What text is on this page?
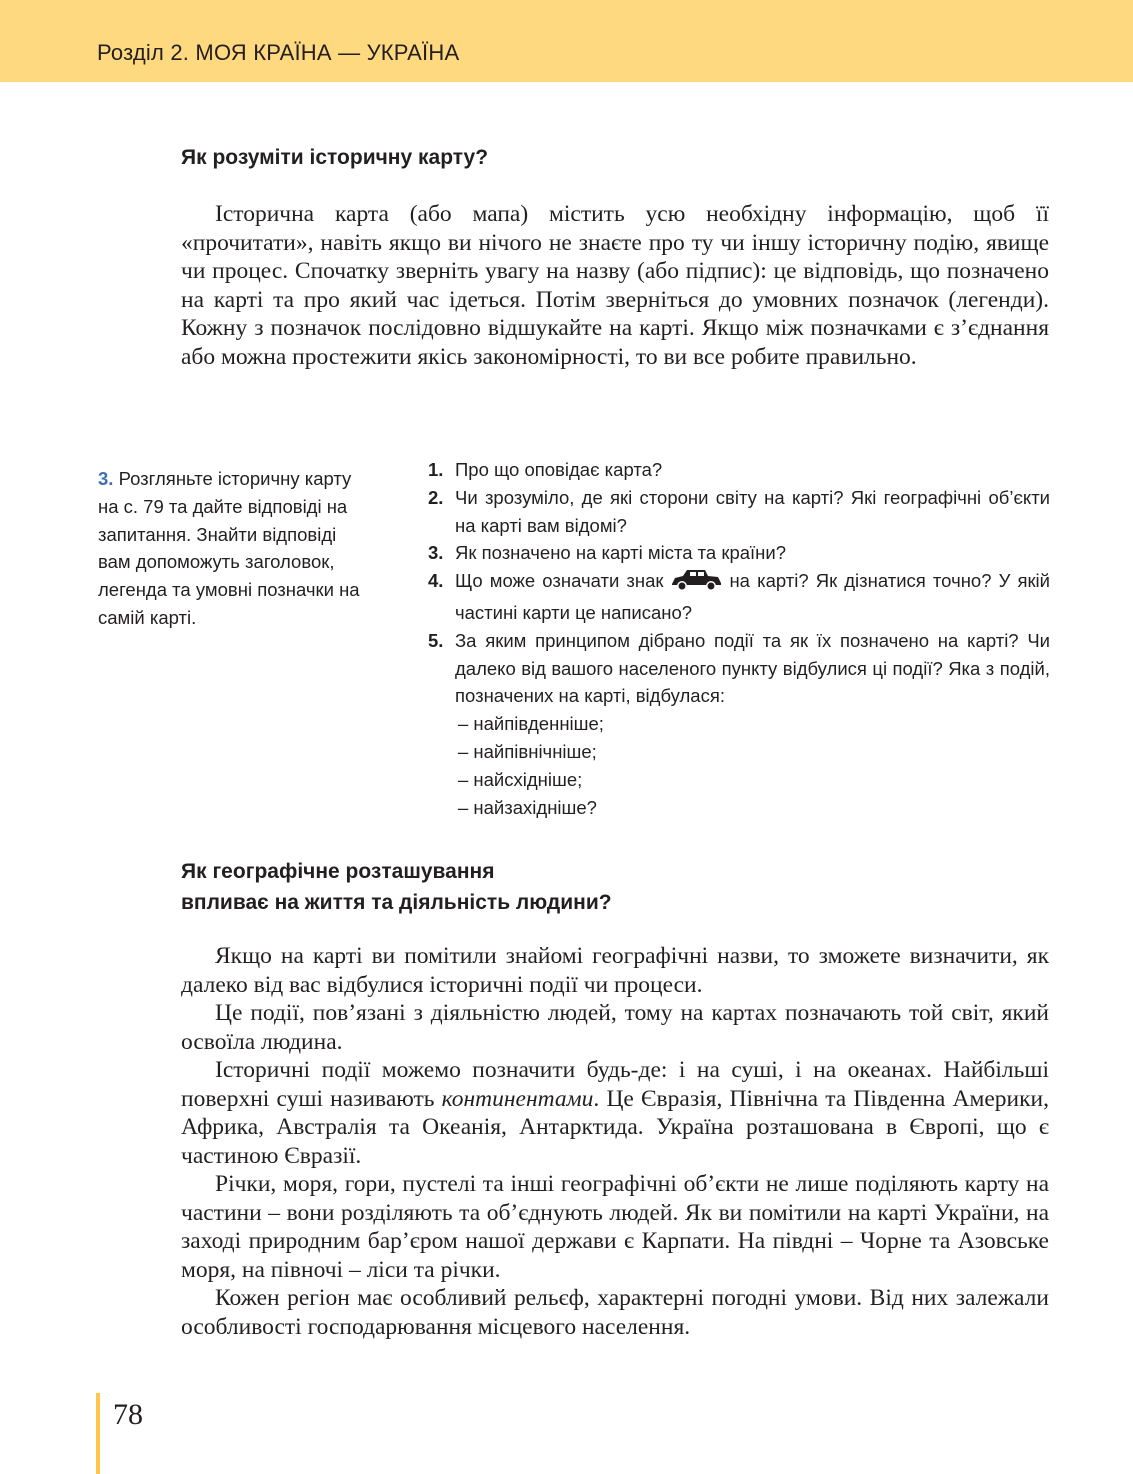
Розділ 2. МОЯ КРАЇНА — УКРАЇНА
Як розуміти історичну карту?

Історична карта (або мапа) містить усю необхідну інформацію, щоб її «прочитати», навіть якщо ви нічого не знаєте про ту чи іншу історичну подію, явище чи процес. Спочатку зверніть увагу на назву (або підпис): це відповідь, що позначено на карті та про який час ідеться. Потім зверніться до умовних позначок (легенди). Кожну з позначок послідовно відшукайте на карті. Якщо між позначками є з’єднання або можна простежити якісь закономірності, то ви все робите правильно.

3. Розгляньте історичну карту на с. 79 та дайте відповіді на запитання. Знайти відповіді вам допоможуть заголовок, легенда та умовні позначки на самій карті.
1. Про що оповідає карта?
2. Чи зрозуміло, де які сторони світу на карті? Які географічні об’єкти на карті вам відомі?
3. Як позначено на карті міста та країни?
4. Що може означати знак	на карті? Як дізнатися точно? У якій частині карти це написано?
5. За яким принципом дібрано події та як їх позначено на карті? Чи далеко від вашого населеного пункту відбулися ці події? Яка з подій, позначених на карті, відбулася:
– найпівденніше;
– найпівнічніше;
– найсхідніше;
– найзахідніше?
Як географічне розташування
впливає на життя та діяльність людини?

Якщо на карті ви помітили знайомі географічні назви, то зможете визначити, як далеко від вас відбулися історичні події чи процеси.

Це події, пов’язані з діяльністю людей, тому на картах позначають той світ, який освоїла людина.

Історичні події можемо позначити будь-де: і на суші, і на океанах. Найбільші поверхні суші називають континентами. Це Євразія, Північна та Південна Америки, Африка, Австралія та Океанія, Антарктида. Україна розташована в Європі, що є частиною Євразії.

Річки, моря, гори, пустелі та інші географічні об’єкти не лише поділяють карту на частини – вони розділяють та об’єднують людей. Як ви помітили на карті України, на заході природним бар’єром нашої держави є Карпати. На півдні – Чорне та Азовське моря, на півночі – ліси та річки.

Кожен регіон має особливий рельєф, характерні погодні умови. Від них залежали особливості господарювання місцевого населення.

78
